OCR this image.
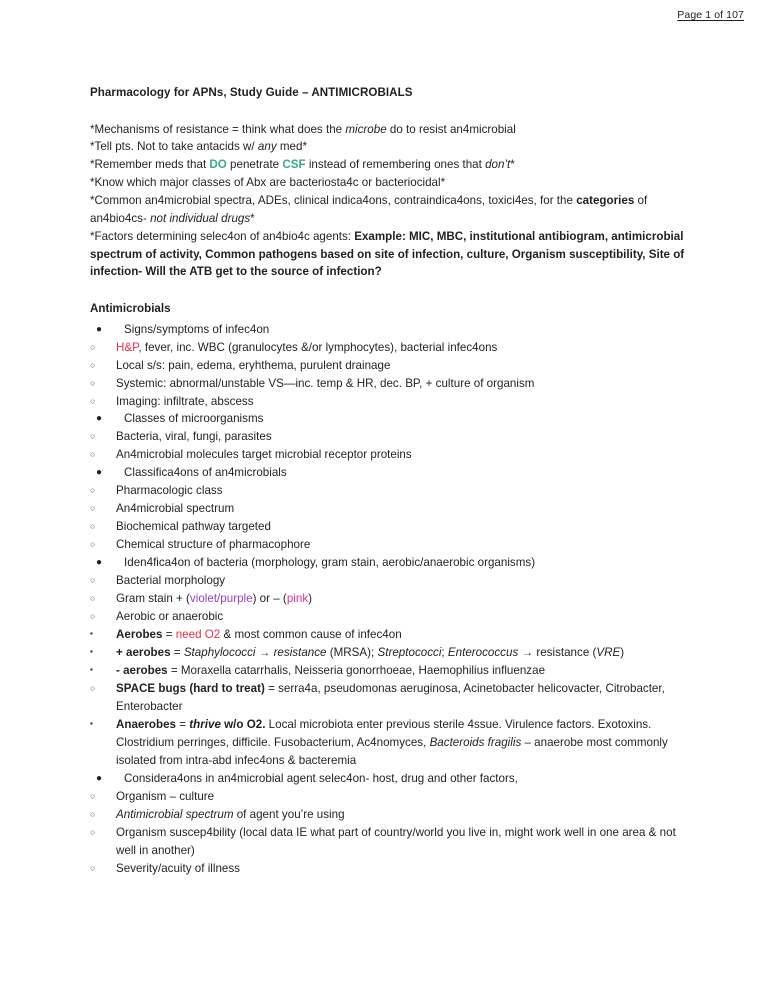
Page 1 of 107
Pharmacology for APNs, Study Guide – ANTIMICROBIALS
*Mechanisms of resistance = think what does the microbe do to resist an4microbial
*Tell pts. Not to take antacids w/ any med*
*Remember meds that DO penetrate CSF instead of remembering ones that don’t*
*Know which major classes of Abx are bacteriosta4c or bacteriocidal*
*Common an4microbial spectra, ADEs, clinical indica4ons, contraindica4ons, toxici4es, for the categories of an4bio4cs- not individual drugs*
*Factors determining selec4on of an4bio4c agents: Example: MIC, MBC, institutional antibiogram, antimicrobial spectrum of activity, Common pathogens based on site of infection, culture, Organism susceptibility, Site of infection- Will the ATB get to the source of infection?
Antimicrobials
●	Signs/symptoms of infec4on
○	H&P, fever, inc. WBC (granulocytes &/or lymphocytes), bacterial infec4ons
○	Local s/s: pain, edema, eryhthema, purulent drainage
○	Systemic: abnormal/unstable VS—inc. temp & HR, dec. BP, + culture of organism
○	Imaging: infiltrate, abscess
●	Classes of microorganisms
○	Bacteria, viral, fungi, parasites
○	An4microbial molecules target microbial receptor proteins
●	Classifica4ons of an4microbials
○	Pharmacologic class
○	An4microbial spectrum
○	Biochemical pathway targeted
○	Chemical structure of pharmacophore
●	Iden4fica4on of bacteria (morphology, gram stain, aerobic/anaerobic organisms)
○	Bacterial morphology
○	Gram stain + (violet/purple) or – (pink)
○	Aerobic or anaerobic
▪	Aerobes = need O2 & most common cause of infec4on
▪	+ aerobes = Staphylococci → resistance (MRSA); Streptococci; Enterococcus → resistance (VRE)
▪	- aerobes = Moraxella catarrhalis, Neisseria gonorrhoeae, Haemophilius influenzae
○	SPACE bugs (hard to treat) = serra4a, pseudomonas aeruginosa, Acinetobacter helicovacter, Citrobacter, Enterobacter
▪	Anaerobes = thrive w/o O2. Local microbiota enter previous sterile 4ssue. Virulence factors. Exotoxins. Clostridium perringes, difficile. Fusobacterium, Ac4nomyces, Bacteroids fragilis – anaerobe most commonly isolated from intra-abd infec4ons & bacteremia
●	Considera4ons in an4microbial agent selec4on- host, drug and other factors,
○	Organism – culture
○	Antimicrobial spectrum of agent you’re using
○	Organism suscep4bility (local data IE what part of country/world you live in, might work well in one area & not well in another)
○	Severity/acuity of illness
